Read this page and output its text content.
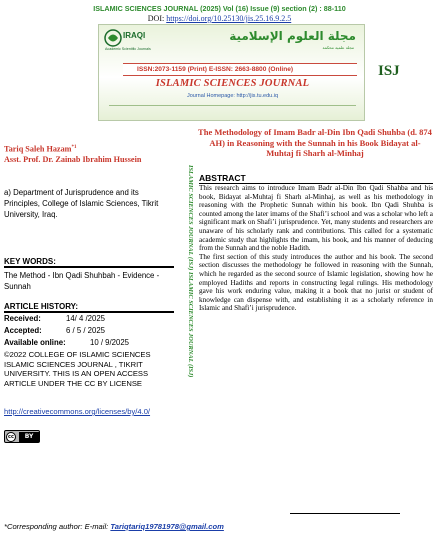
ISLAMIC SCIENCES JOURNAL (2025) Vol (16) Issue (9) section (2) : 88-110
DOI: https://doi.org/10.25130/jis.25.16.9.2.5
IRAQI
Academic Scientific Journals
مجلة العلوم الإسلامية
مجلة علمية محكمة
ISSN:2073-1159 (Print) E-ISSN: 2663-8800 (Online)
ISLAMIC SCIENCES JOURNAL
Journal Homepage: http://jis.tu.edu.iq
ISJ
The Methodology of Imam Badr al-Din Ibn Qadi Shuhba (d. 874 AH) in Reasoning with the Sunnah in his Book Bidayat al-Muhtaj fi Sharh al-Minhaj
Tariq Saleh Hazam$^{*1}$
Asst. Prof. Dr. Zainab Ibrahim Hussein
a) Department of Jurisprudence and its Principles, College of Islamic Sciences, Tikrit University, Iraq.
KEY WORDS:
The Method - Ibn Qadi Shuhbah - Evidence - Sunnah
ARTICLE HISTORY:
Received:	14/ 4 /2025
Accepted:	6 / 5 / 2025
Available online:	10 / 9/2025
©2022 COLLEGE OF ISLAMIC SCIENCES ISLAMIC SCIENCES JOURNAL , TIKRIT UNIVERSITY. THIS IS AN OPEN ACCESS ARTICLE UNDER THE CC BY LICENSE
http://creativecommons.org/licenses/by/4.0/
cc	BY
ISLAMIC SCIENCES JOURNAL (ISJ) ISLAMIC SCIENCES JOURNAL (ISJ) ABSTRACT

This research aims to introduce Imam Badr al-Din Ibn Qadi Shahba and his book, Bidayat al-Muhtaj fi Sharh al-Minhaj, as well as his methodology in reasoning with the Prophetic Sunnah within his book. Ibn Qadi Shuhba is counted among the later imams of the Shafi’i school and was a scholar who left a significant mark on Shafi’i jurisprudence. Yet, many students and researchers are unaware of his scholarly rank and contributions. This called for a systematic academic study that highlights the imam, his book, and his manner of deducing from the Sunnah and the noble Hadith.

The first section of this study introduces the author and his book. The second section discusses the methodology he followed in reasoning with the Sunnah, which he regarded as the second source of Islamic legislation, showing how he employed Hadiths and reports in constructing legal rulings. His methodology gave his work enduring value, making it a book that no jurist or student of knowledge can dispense with, and establishing it as a scholarly reference in Islamic and Shafi’i jurisprudence.

*Corresponding author: E-mail: Tariqtariq19781978@gmail.com
